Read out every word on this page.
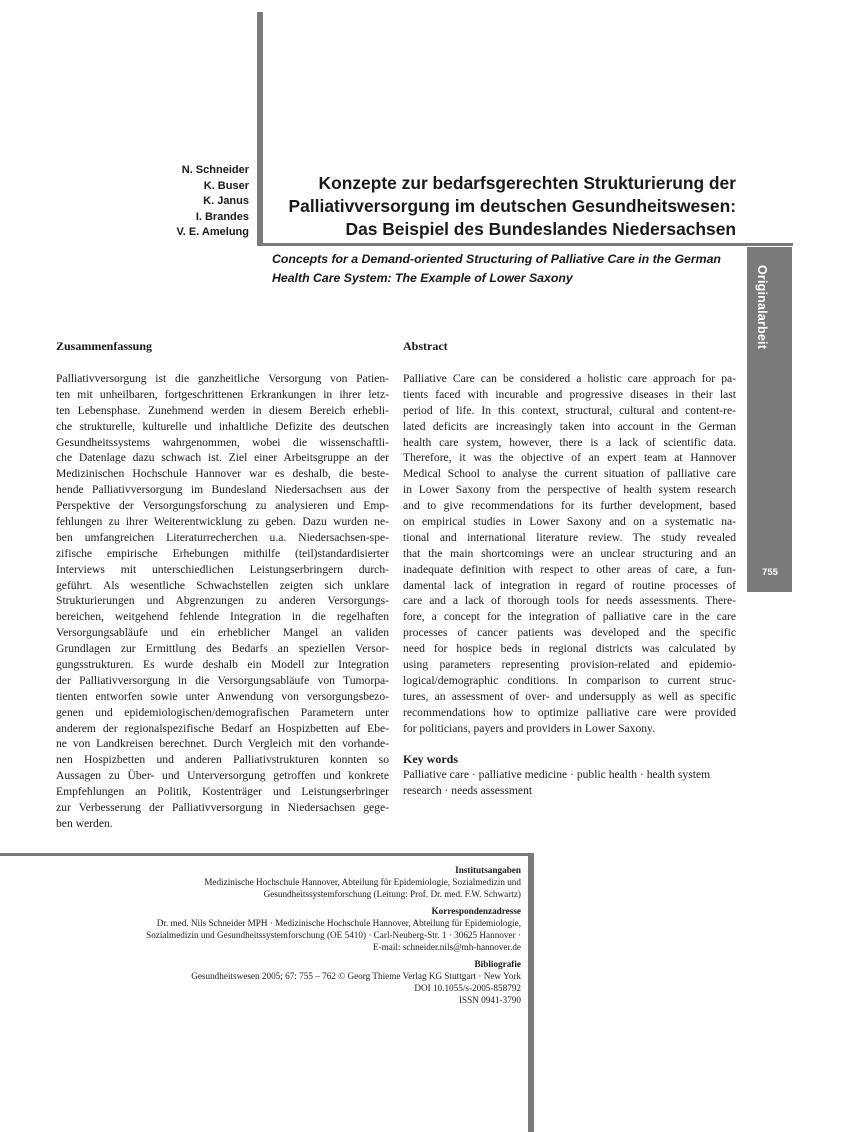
Originalarbeit
755
N. Schneider
K. Buser
K. Janus
I. Brandes
V. E. Amelung
Konzepte zur bedarfsgerechten Strukturierung der
Palliativversorgung im deutschen Gesundheitswesen:
Das Beispiel des Bundeslandes Niedersachsen
Concepts for a Demand-oriented Structuring of Palliative Care in the German
Health Care System: The Example of Lower Saxony
Zusammenfassung
Palliativversorgung ist die ganzheitliche Versorgung von Patien-
ten mit unheilbaren, fortgeschrittenen Erkrankungen in ihrer letz-
ten Lebensphase. Zunehmend werden in diesem Bereich erhebli-
che strukturelle, kulturelle und inhaltliche Defizite des deutschen
Gesundheitssystems wahrgenommen, wobei die wissenschaftli-
che Datenlage dazu schwach ist. Ziel einer Arbeitsgruppe an der
Medizinischen Hochschule Hannover war es deshalb, die beste-
hende Palliativversorgung im Bundesland Niedersachsen aus der
Perspektive der Versorgungsforschung zu analysieren und Emp-
fehlungen zu ihrer Weiterentwicklung zu geben. Dazu wurden ne-
ben umfangreichen Literaturrecherchen u.a. Niedersachsen-spe-
zifische empirische Erhebungen mithilfe (teil)standardisierter
Interviews mit unterschiedlichen Leistungserbringern durch-
geführt. Als wesentliche Schwachstellen zeigten sich unklare
Strukturierungen und Abgrenzungen zu anderen Versorgungs-
bereichen, weitgehend fehlende Integration in die regelhaften
Versorgungsabläufe und ein erheblicher Mangel an validen
Grundlagen zur Ermittlung des Bedarfs an speziellen Versor-
gungsstrukturen. Es wurde deshalb ein Modell zur Integration
der Palliativversorgung in die Versorgungsabläufe von Tumorpa-
tienten entworfen sowie unter Anwendung von versorgungsbezo-
genen und epidemiologischen/demografischen Parametern unter
anderem der regionalspezifische Bedarf an Hospizbetten auf Ebe-
ne von Landkreisen berechnet. Durch Vergleich mit den vorhande-
nen Hospizbetten und anderen Palliativstrukturen konnten so
Aussagen zu Über- und Unterversorgung getroffen und konkrete
Empfehlungen an Politik, Kostenträger und Leistungserbringer
zur Verbesserung der Palliativversorgung in Niedersachsen gege-
ben werden.
Abstract
Palliative Care can be considered a holistic care approach for pa-
tients faced with incurable and progressive diseases in their last
period of life. In this context, structural, cultural and content-re-
lated deficits are increasingly taken into account in the German
health care system, however, there is a lack of scientific data.
Therefore, it was the objective of an expert team at Hannover
Medical School to analyse the current situation of palliative care
in Lower Saxony from the perspective of health system research
and to give recommendations for its further development, based
on empirical studies in Lower Saxony and on a systematic na-
tional and international literature review. The study revealed
that the main shortcomings were an unclear structuring and an
inadequate definition with respect to other areas of care, a fun-
damental lack of integration in regard of routine processes of
care and a lack of thorough tools for needs assessments. There-
fore, a concept for the integration of palliative care in the care
processes of cancer patients was developed and the specific
need for hospice beds in regional districts was calculated by
using parameters representing provision-related and epidemio-
logical/demographic conditions. In comparison to current struc-
tures, an assessment of over- and undersupply as well as specific
recommendations how to optimize palliative care were provided
for politicians, payers and providers in Lower Saxony.
Key words
Palliative care · palliative medicine · public health · health system
research · needs assessment
Institutsangaben
Medizinische Hochschule Hannover, Abteilung für Epidemiologie, Sozialmedizin und
Gesundheitssystemforschung (Leitung: Prof. Dr. med. F.W. Schwartz)
Korrespondenzadresse
Dr. med. Nils Schneider MPH · Medizinische Hochschule Hannover, Abteilung für Epidemiologie,
Sozialmedizin und Gesundheitssystemforschung (OE 5410) · Carl-Neuberg-Str. 1 · 30625 Hannover ·
E-mail: schneider.nils@mh-hannover.de
Bibliografie
Gesundheitswesen 2005; 67: 755 – 762 © Georg Thieme Verlag KG Stuttgart · New York
DOI 10.1055/s-2005-858792
ISSN 0941-3790
